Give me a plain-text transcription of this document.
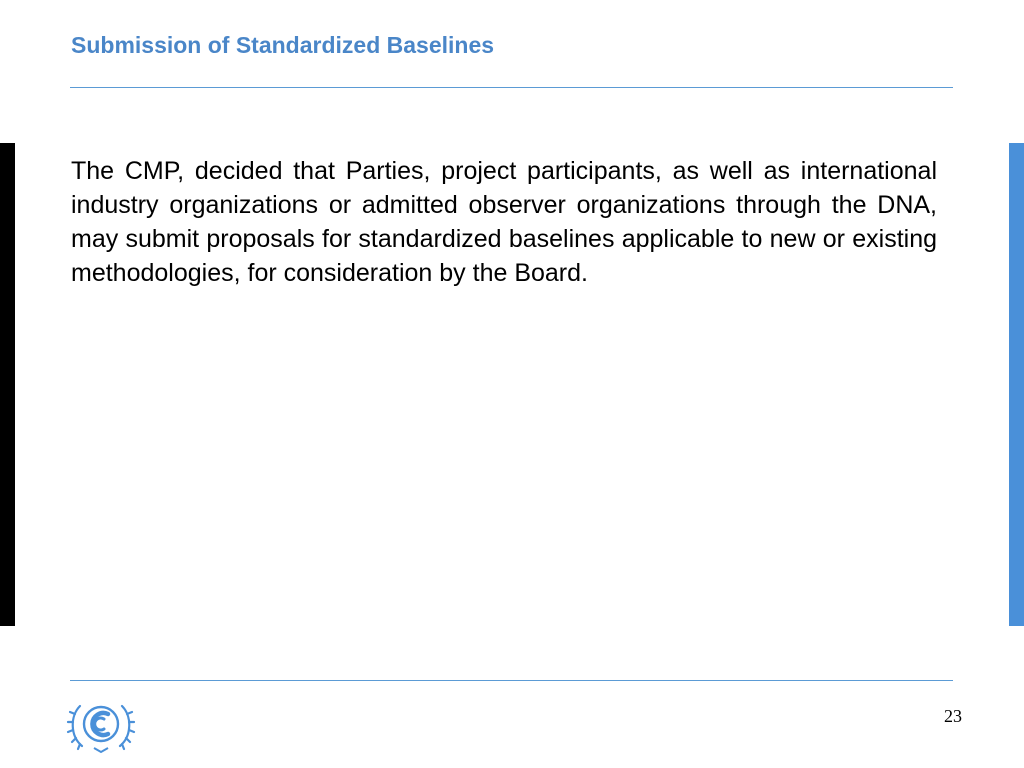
Submission of Standardized Baselines

The CMP, decided that Parties, project participants, as well as international industry organizations or admitted observer organizations through the DNA, may submit proposals for standardized baselines applicable to new or existing methodologies, for consideration by the Board.

23
